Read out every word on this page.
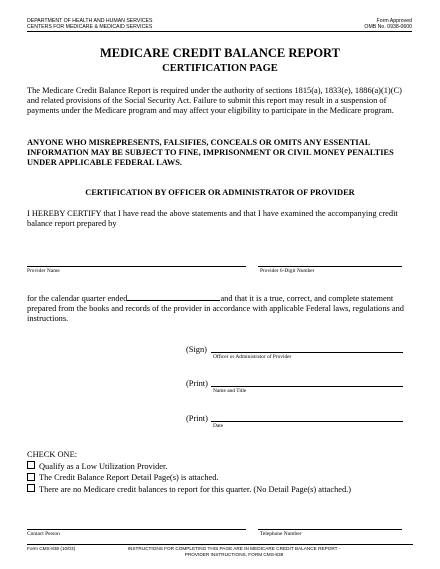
DEPARTMENT OF HEALTH AND HUMAN SERVICES
CENTERS FOR MEDICARE & MEDICAID SERVICES
Form Approved
OMB No. 0938-0600
MEDICARE CREDIT BALANCE REPORT
CERTIFICATION PAGE
The Medicare Credit Balance Report is required under the authority of sections 1815(a), 1833(e), 1886(a)(1)(C) and related provisions of the Social Security Act. Failure to submit this report may result in a suspension of payments under the Medicare program and may affect your eligibility to participate in the Medicare program.
ANYONE WHO MISREPRESENTS, FALSIFIES, CONCEALS OR OMITS ANY ESSENTIAL INFORMATION MAY BE SUBJECT TO FINE, IMPRISONMENT OR CIVIL MONEY PENALTIES UNDER APPLICABLE FEDERAL LAWS.
CERTIFICATION BY OFFICER OR ADMINISTRATOR OF PROVIDER
I HEREBY CERTIFY that I have read the above statements and that I have examined the accompanying credit balance report prepared by
Provider Name	Provider 6-Digit Number
for the calendar quarter ended	and that it is a true, correct, and complete statement prepared from the books and records of the provider in accordance with applicable Federal laws, regulations and instructions.
(Sign)
Officer or Administrator of Provider
(Print)
Name and Title
(Print)
Date
CHECK ONE:
Qualify as a Low Utilization Provider.
The Credit Balance Report Detail Page(s) is attached.
There are no Medicare credit balances to report for this quarter. (No Detail Page(s) attached.)
Contact Person	Telephone Number
Form CMS-838 (10/03)	INSTRUCTIONS FOR COMPLETING THIS PAGE ARE IN MEDICARE CREDIT BALANCE REPORT -
PROVIDER INSTRUCTIONS, FORM CMS-838
